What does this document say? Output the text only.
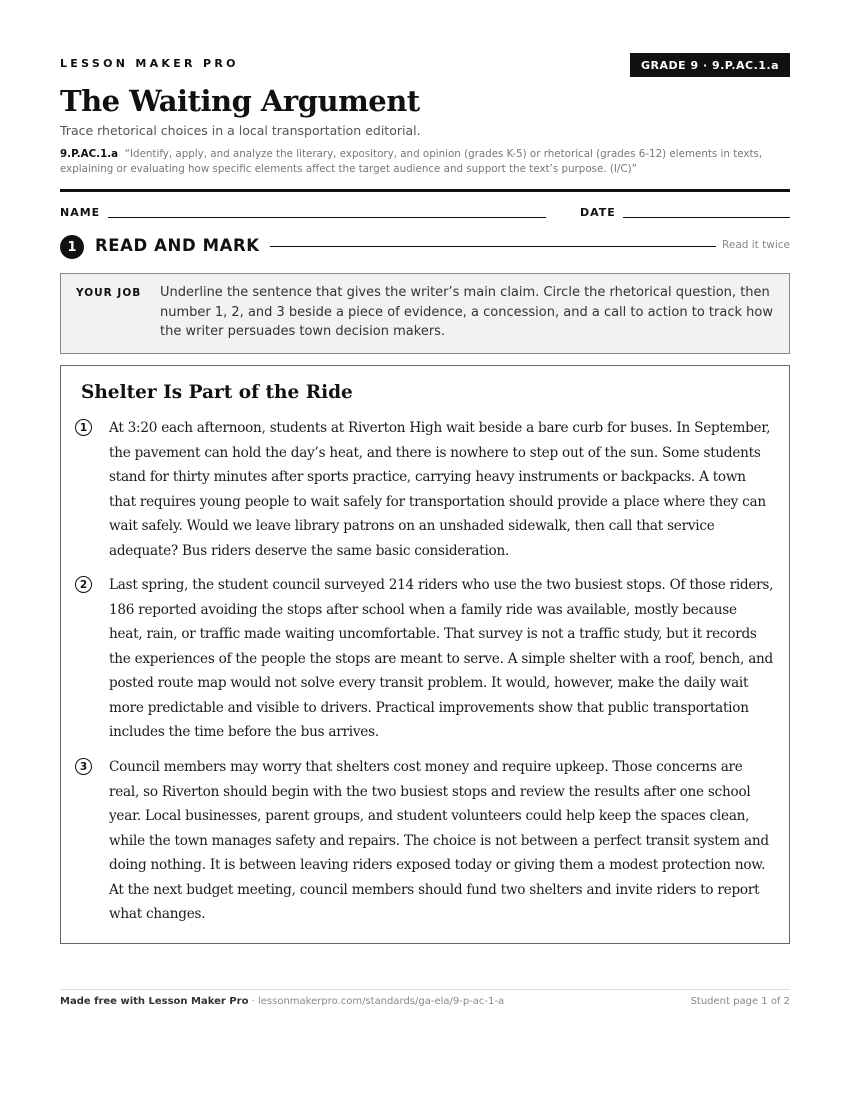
LESSON MAKER PRO	GRADE 9 · 9.P.AC.1.a
The Waiting Argument
Trace rhetorical choices in a local transportation editorial.
9.P.AC.1.a “Identify, apply, and analyze the literary, expository, and opinion (grades K-5) or rhetorical (grades 6-12) elements in texts, explaining or evaluating how specific elements affect the target audience and support the text’s purpose. (I/C)”
NAME	DATE
1	READ AND MARK	Read it twice
YOUR JOB Underline the sentence that gives the writer’s main claim. Circle the rhetorical question, then number 1, 2, and 3 beside a piece of evidence, a concession, and a call to action to track how the writer persuades town decision makers.
Shelter Is Part of the Ride
1	At 3:20 each afternoon, students at Riverton High wait beside a bare curb for buses. In September, the pavement can hold the day’s heat, and there is nowhere to step out of the sun. Some students stand for thirty minutes after sports practice, carrying heavy instruments or backpacks. A town that requires young people to wait safely for transportation should provide a place where they can wait safely. Would we leave library patrons on an unshaded sidewalk, then call that service adequate? Bus riders deserve the same basic consideration.
2	Last spring, the student council surveyed 214 riders who use the two busiest stops. Of those riders, 186 reported avoiding the stops after school when a family ride was available, mostly because heat, rain, or traffic made waiting uncomfortable. That survey is not a traffic study, but it records the experiences of the people the stops are meant to serve. A simple shelter with a roof, bench, and posted route map would not solve every transit problem. It would, however, make the daily wait more predictable and visible to drivers. Practical improvements show that public transportation includes the time before the bus arrives.
3	Council members may worry that shelters cost money and require upkeep. Those concerns are real, so Riverton should begin with the two busiest stops and review the results after one school year. Local businesses, parent groups, and student volunteers could help keep the spaces clean, while the town manages safety and repairs. The choice is not between a perfect transit system and doing nothing. It is between leaving riders exposed today or giving them a modest protection now. At the next budget meeting, council members should fund two shelters and invite riders to report what changes.
Made free with Lesson Maker Pro · lessonmakerpro.com/standards/ga-ela/9-p-ac-1-a	Student page 1 of 2
